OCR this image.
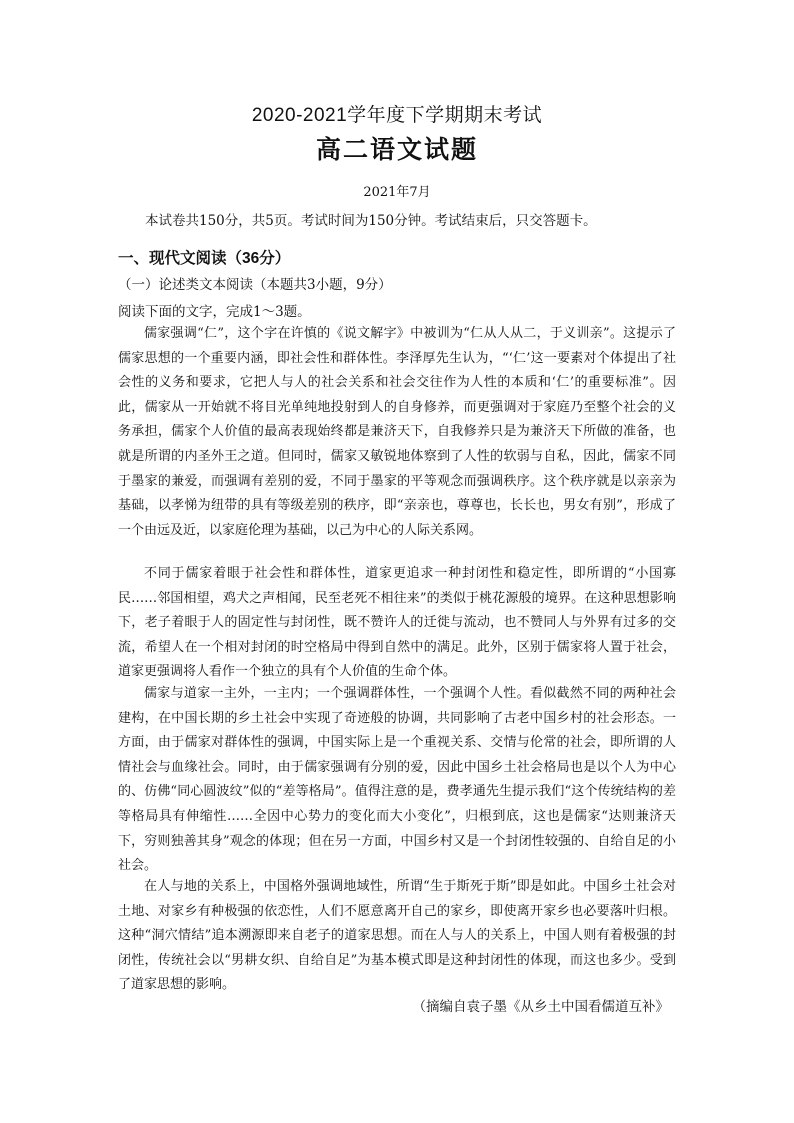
2020-2021学年度下学期期末考试
高二语文试题
2021年7月
本试卷共150分，共5页。考试时间为150分钟。考试结束后，只交答题卡。
一、现代文阅读（36分）
（一）论述类文本阅读（本题共3小题，9分）
阅读下面的文字，完成1～3题。

儒家强调“仁”，这个字在许慎的《说文解字》中被训为“仁从人从二，于义训亲”。这提示了儒家思想的一个重要内涵，即社会性和群体性。李泽厚先生认为，“‘仁’这一要素对个体提出了社会性的义务和要求，它把人与人的社会关系和社会交往作为人性的本质和‘仁’的重要标准”。因此，儒家从一开始就不将目光单纯地投射到人的自身修养，而更强调对于家庭乃至整个社会的义务承担，儒家个人价值的最高表现始终都是兼济天下，自我修养只是为兼济天下所做的准备，也就是所谓的内圣外王之道。但同时，儒家又敏锐地体察到了人性的软弱与自私，因此，儒家不同于墨家的兼爱，而强调有差别的爱，不同于墨家的平等观念而强调秩序。这个秩序就是以亲亲为基础，以孝悌为纽带的具有等级差别的秩序，即“亲亲也，尊尊也，长长也，男女有别”，形成了一个由远及近，以家庭伦理为基础，以己为中心的人际关系网。

不同于儒家着眼于社会性和群体性，道家更追求一种封闭性和稳定性，即所谓的“小国寡民……邻国相望，鸡犬之声相闻，民至老死不相往来”的类似于桃花源般的境界。在这种思想影响下，老子着眼于人的固定性与封闭性，既不赞许人的迁徙与流动，也不赞同人与外界有过多的交流，希望人在一个相对封闭的时空格局中得到自然中的满足。此外，区别于儒家将人置于社会，道家更强调将人看作一个独立的具有个人价值的生命个体。

儒家与道家一主外，一主内；一个强调群体性，一个强调个人性。看似截然不同的两种社会建构，在中国长期的乡土社会中实现了奇迹般的协调，共同影响了古老中国乡村的社会形态。一方面，由于儒家对群体性的强调，中国实际上是一个重视关系、交情与伦常的社会，即所谓的人情社会与血缘社会。同时，由于儒家强调有分别的爱，因此中国乡土社会格局也是以个人为中心的、仿佛“同心圆波纹”似的“差等格局”。值得注意的是，费孝通先生提示我们“这个传统结构的差等格局具有伸缩性……全因中心势力的变化而大小变化”，归根到底，这也是儒家“达则兼济天下，穷则独善其身”观念的体现；但在另一方面，中国乡村又是一个封闭性较强的、自给自足的小社会。

在人与地的关系上，中国格外强调地域性，所谓“生于斯死于斯”即是如此。中国乡土社会对土地、对家乡有种极强的依恋性，人们不愿意离开自己的家乡，即使离开家乡也必要落叶归根。这种“洞穴情结”追本溯源即来自老子的道家思想。而在人与人的关系上，中国人则有着极强的封闭性，传统社会以“男耕女织、自给自足”为基本模式即是这种封闭性的体现，而这也多少。受到了道家思想的影响。

（摘编自袁子墨《从乡土中国看儒道互补》
